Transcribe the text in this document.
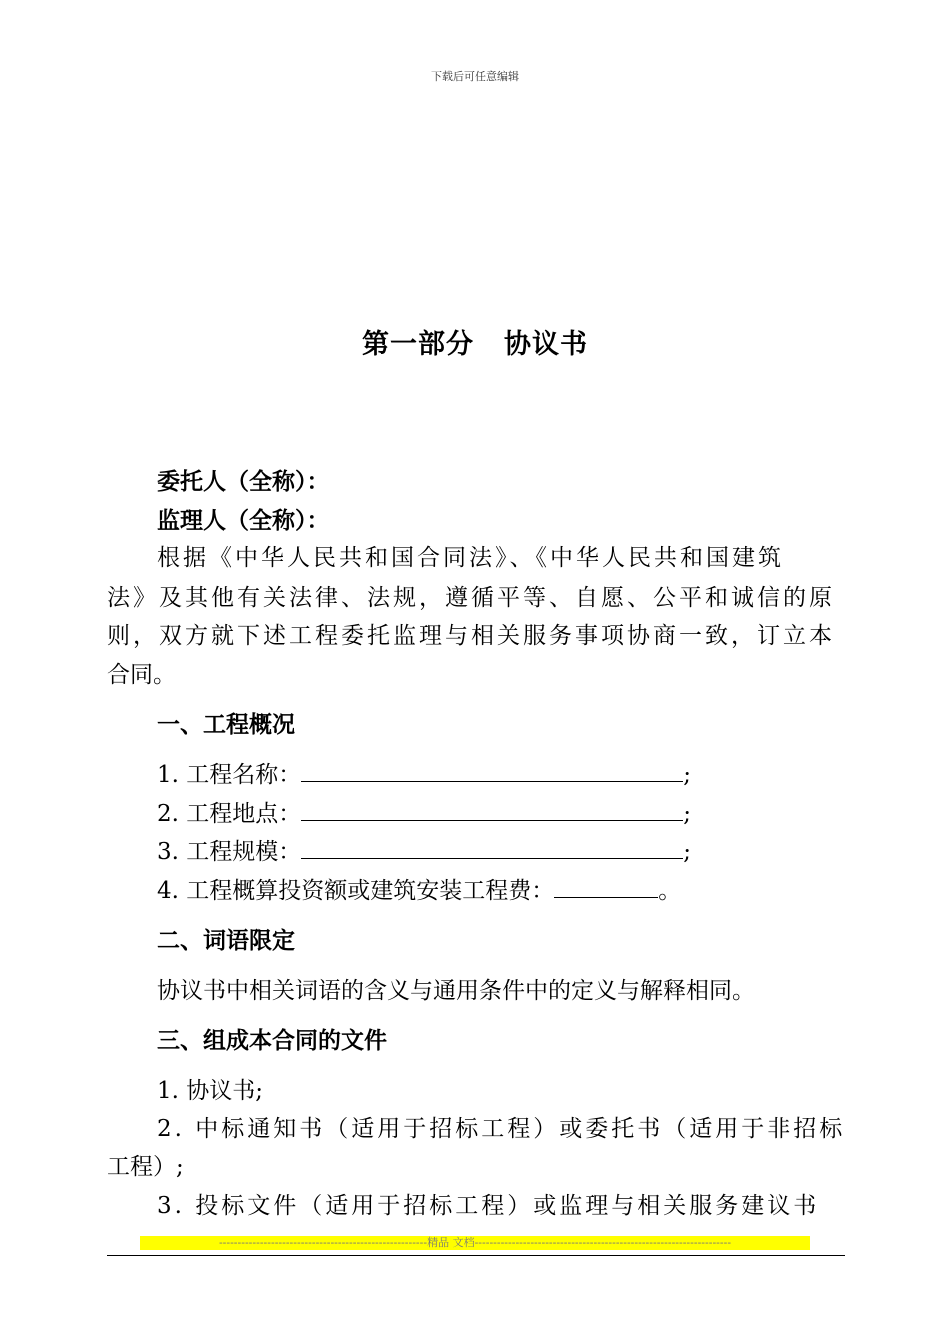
下载后可任意编辑
第一部分 协议书
委托人（全称）：
监理人（全称）：
根据《中华人民共和国合同法》、《中华人民共和国建筑
法》及其他有关法律、法规，遵循平等、自愿、公平和诚信的原
则，双方就下述工程委托监理与相关服务事项协商一致，订立本
合同。
一、工程概况
1. 工程名称：	;
2. 工程地点：	;
3. 工程规模：	;
4. 工程概算投资额或建筑安装工程费：	。
二、词语限定
协议书中相关词语的含义与通用条件中的定义与解释相同。
三、组成本合同的文件
1. 协议书;
2. 中标通知书（适用于招标工程）或委托书（适用于非招标
工程）;
3. 投标文件（适用于招标工程）或监理与相关服务建议书
--------------------------------------------------------精品 文档---------------------------------------------------------------------
